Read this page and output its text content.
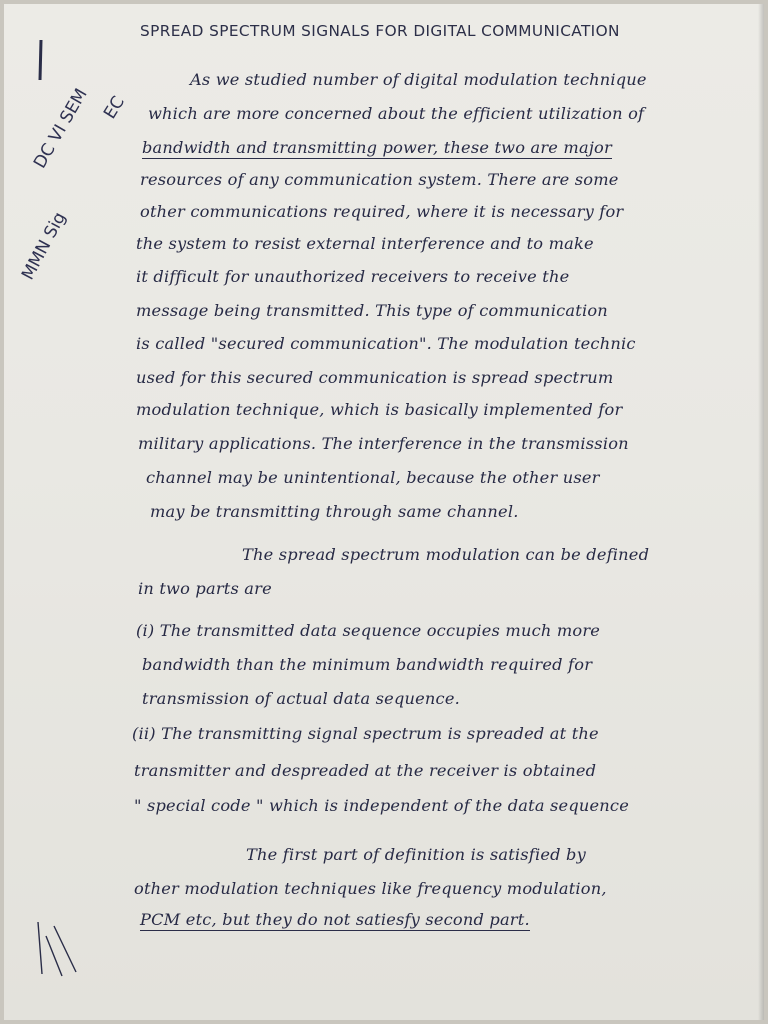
MMN Sig
EC
DC VI SEM
SPREAD SPECTRUM SIGNALS FOR DIGITAL COMMUNICATION
As we studied number of digital modulation technique
which are more concerned about the efficient utilization of
bandwidth and transmitting power, these two are major
resources of any communication system. There are some
other communications required, where it is necessary for
the system to resist external interference and to make
it difficult for unauthorized receivers to receive the
message being transmitted. This type of communication
is called "secured communication". The modulation technic
used for this secured communication is spread spectrum
modulation technique, which is basically implemented for
military applications. The interference in the transmission
channel may be unintentional, because the other user
may be transmitting through same channel.
The spread spectrum modulation can be defined
in two parts are
(i) The transmitted data sequence occupies much more
bandwidth than the minimum bandwidth required for
transmission of actual data sequence.
(ii) The transmitting signal spectrum is spreaded at the
transmitter and despreaded at the receiver is obtained
" special code " which is independent of the data sequence
The first part of definition is satisfied by
other modulation techniques like frequency modulation,
PCM etc, but they do not satiesfy second part.
